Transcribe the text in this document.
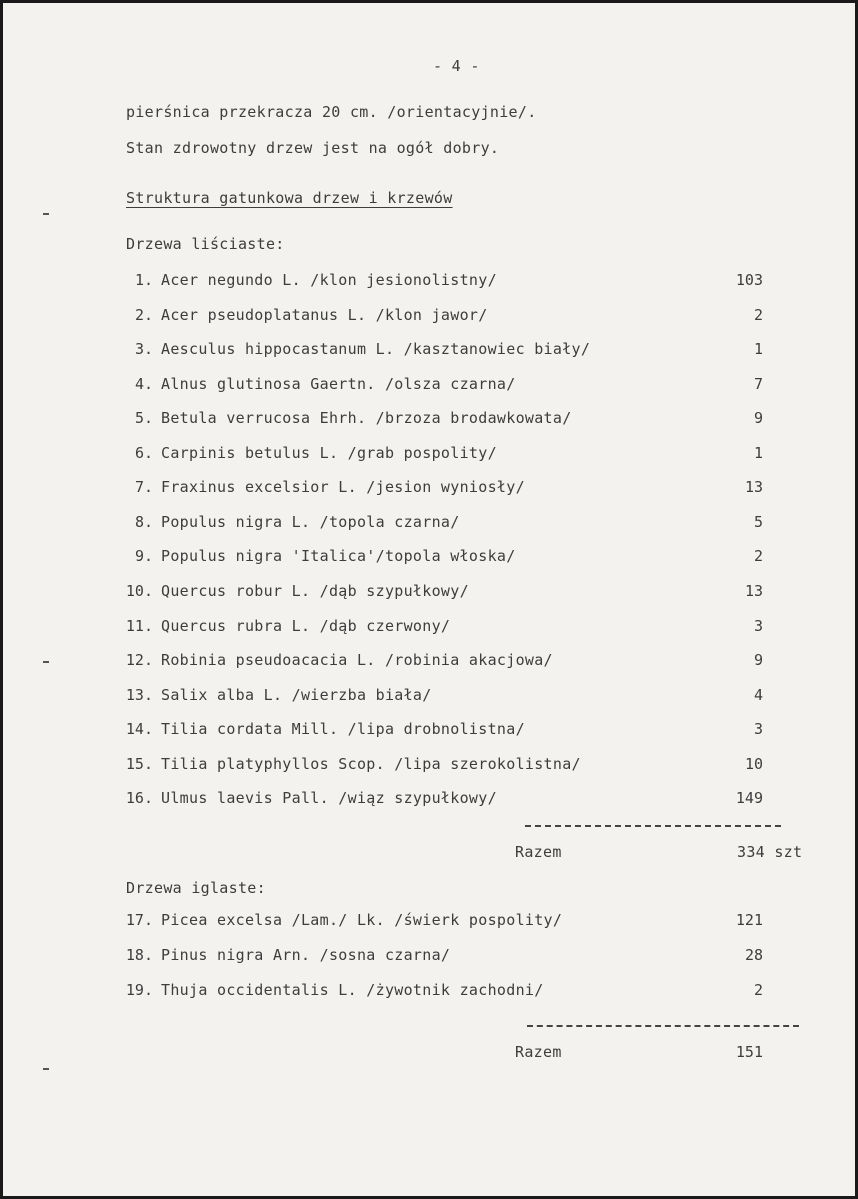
- 4 -
pierśnica przekracza 20 cm. /orientacyjnie/.
Stan zdrowotny drzew jest na ogół dobry.
Struktura gatunkowa drzew i krzewów
Drzewa liściaste:
1. Acer negundo L. /klon jesionolistny/	103
2. Acer pseudoplatanus L. /klon jawor/	2
3. Aesculus hippocastanum L. /kasztanowiec biały/	1
4. Alnus glutinosa Gaertn. /olsza czarna/	7
5. Betula verrucosa Ehrh. /brzoza brodawkowata/	9
6. Carpinis betulus L. /grab pospolity/	1
7. Fraxinus excelsior L. /jesion wyniosły/	13
8. Populus nigra L. /topola czarna/	5
9. Populus nigra 'Italica'/topola włoska/	2
10. Quercus robur L. /dąb szypułkowy/	13
11. Quercus rubra L. /dąb czerwony/	3
12. Robinia pseudoacacia L. /robinia akacjowa/	9
13. Salix alba L. /wierzba biała/	4
14. Tilia cordata Mill. /lipa drobnolistna/	3
15. Tilia platyphyllos Scop. /lipa szerokolistna/	10
16. Ulmus laevis Pall. /wiąz szypułkowy/	149
Razem	334 szt
Drzewa iglaste:
17. Picea excelsa /Lam./ Lk. /świerk pospolity/	121
18. Pinus nigra Arn. /sosna czarna/	28
19. Thuja occidentalis L. /żywotnik zachodni/	2
Razem	151
